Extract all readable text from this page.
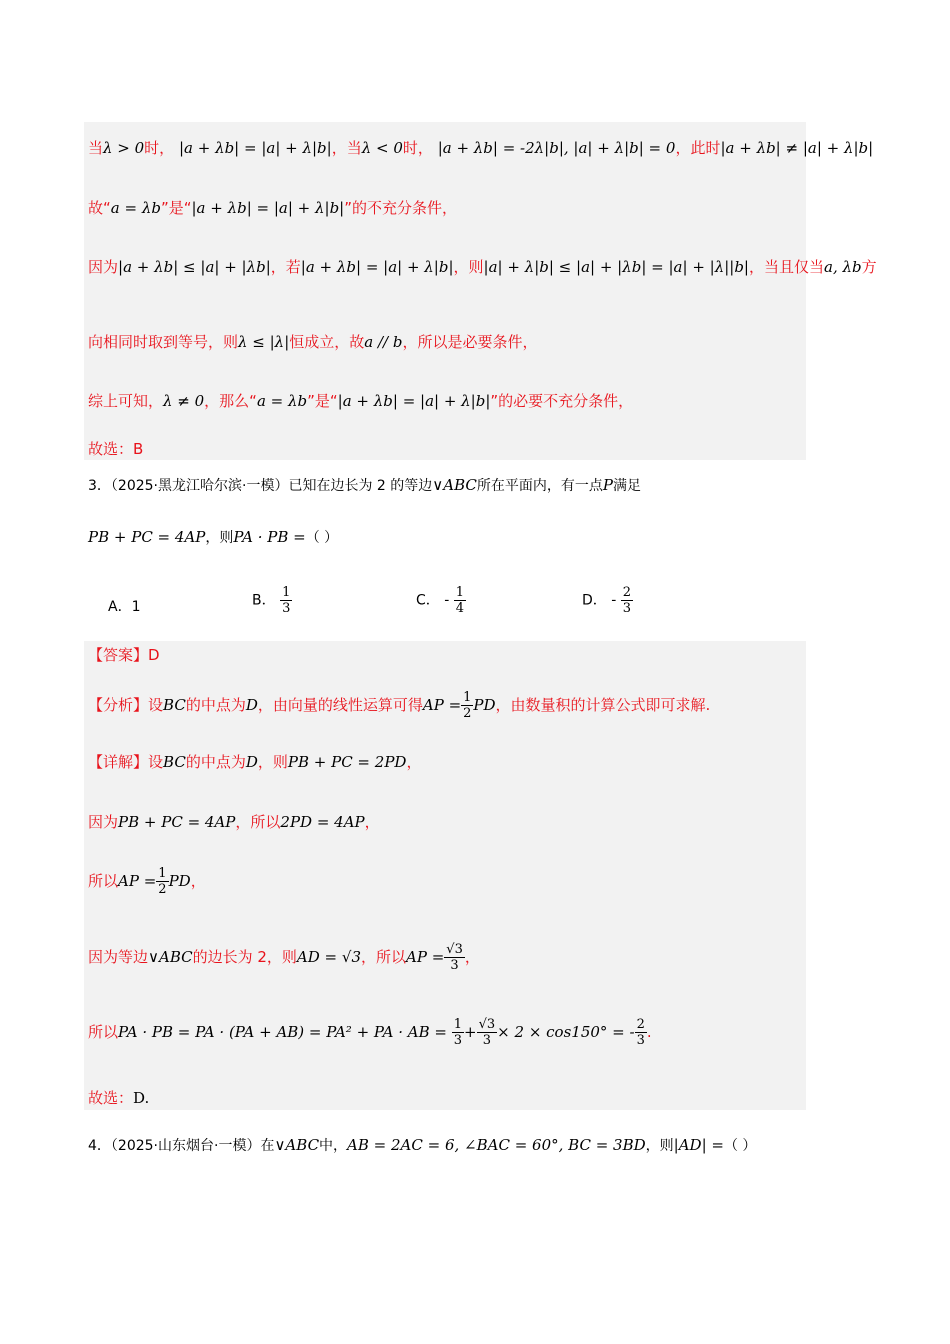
当λ > 0时， |a + λb| = |a| + λ|b|，当λ < 0时， |a + λb| = -2λ|b|, |a| + λ|b| = 0，此时|a + λb| ≠ |a| + λ|b|
故“a = λb”是“|a + λb| = |a| + λ|b|”的不充分条件，
因为|a + λb| ≤ |a| + |λb|，若|a + λb| = |a| + λ|b|，则|a| + λ|b| ≤ |a| + |λb| = |a| + |λ||b|，当且仅当a, λb方
向相同时取到等号，则λ ≤ |λ|恒成立，故a // b，所以是必要条件，
综上可知，λ ≠ 0，那么“a = λb”是“|a + λb| = |a| + λ|b|”的必要不充分条件，
故选：B
3．（2025·黑龙江哈尔滨·一模）已知在边长为 2 的等边∨ABC所在平面内，有一点P满足
PB + PC = 4AP，则PA · PB =（ ）
A．1	B． $\frac{1}{3}$	C． - $\frac{1}{4}$	D． - $\frac{2}{3}$
【答案】D
【分析】设BC的中点为D，由向量的线性运算可得AP = $\frac{1}{2}$ PD，由数量积的计算公式即可求解.
【详解】设BC的中点为D，则PB + PC = 2PD，
因为PB + PC = 4AP，所以2PD = 4AP，
所以AP = $\frac{1}{2}$ PD，
因为等边∨ABC的边长为 2，则AD = √3，所以AP = $\frac{√3}{3}$ ，
所以PA · PB = PA · (PA + AB) = PA² + PA · AB = $\frac{1}{3} + \frac{√3}{3} \times 2 \times \cos 150^\circ$ = - $\frac{2}{3}$ .
故选：D.
4．（2025·山东烟台·一模）在∨ABC中，AB = 2AC = 6, ∠BAC = 60°, BC = 3BD，则|AD| =（ ）
